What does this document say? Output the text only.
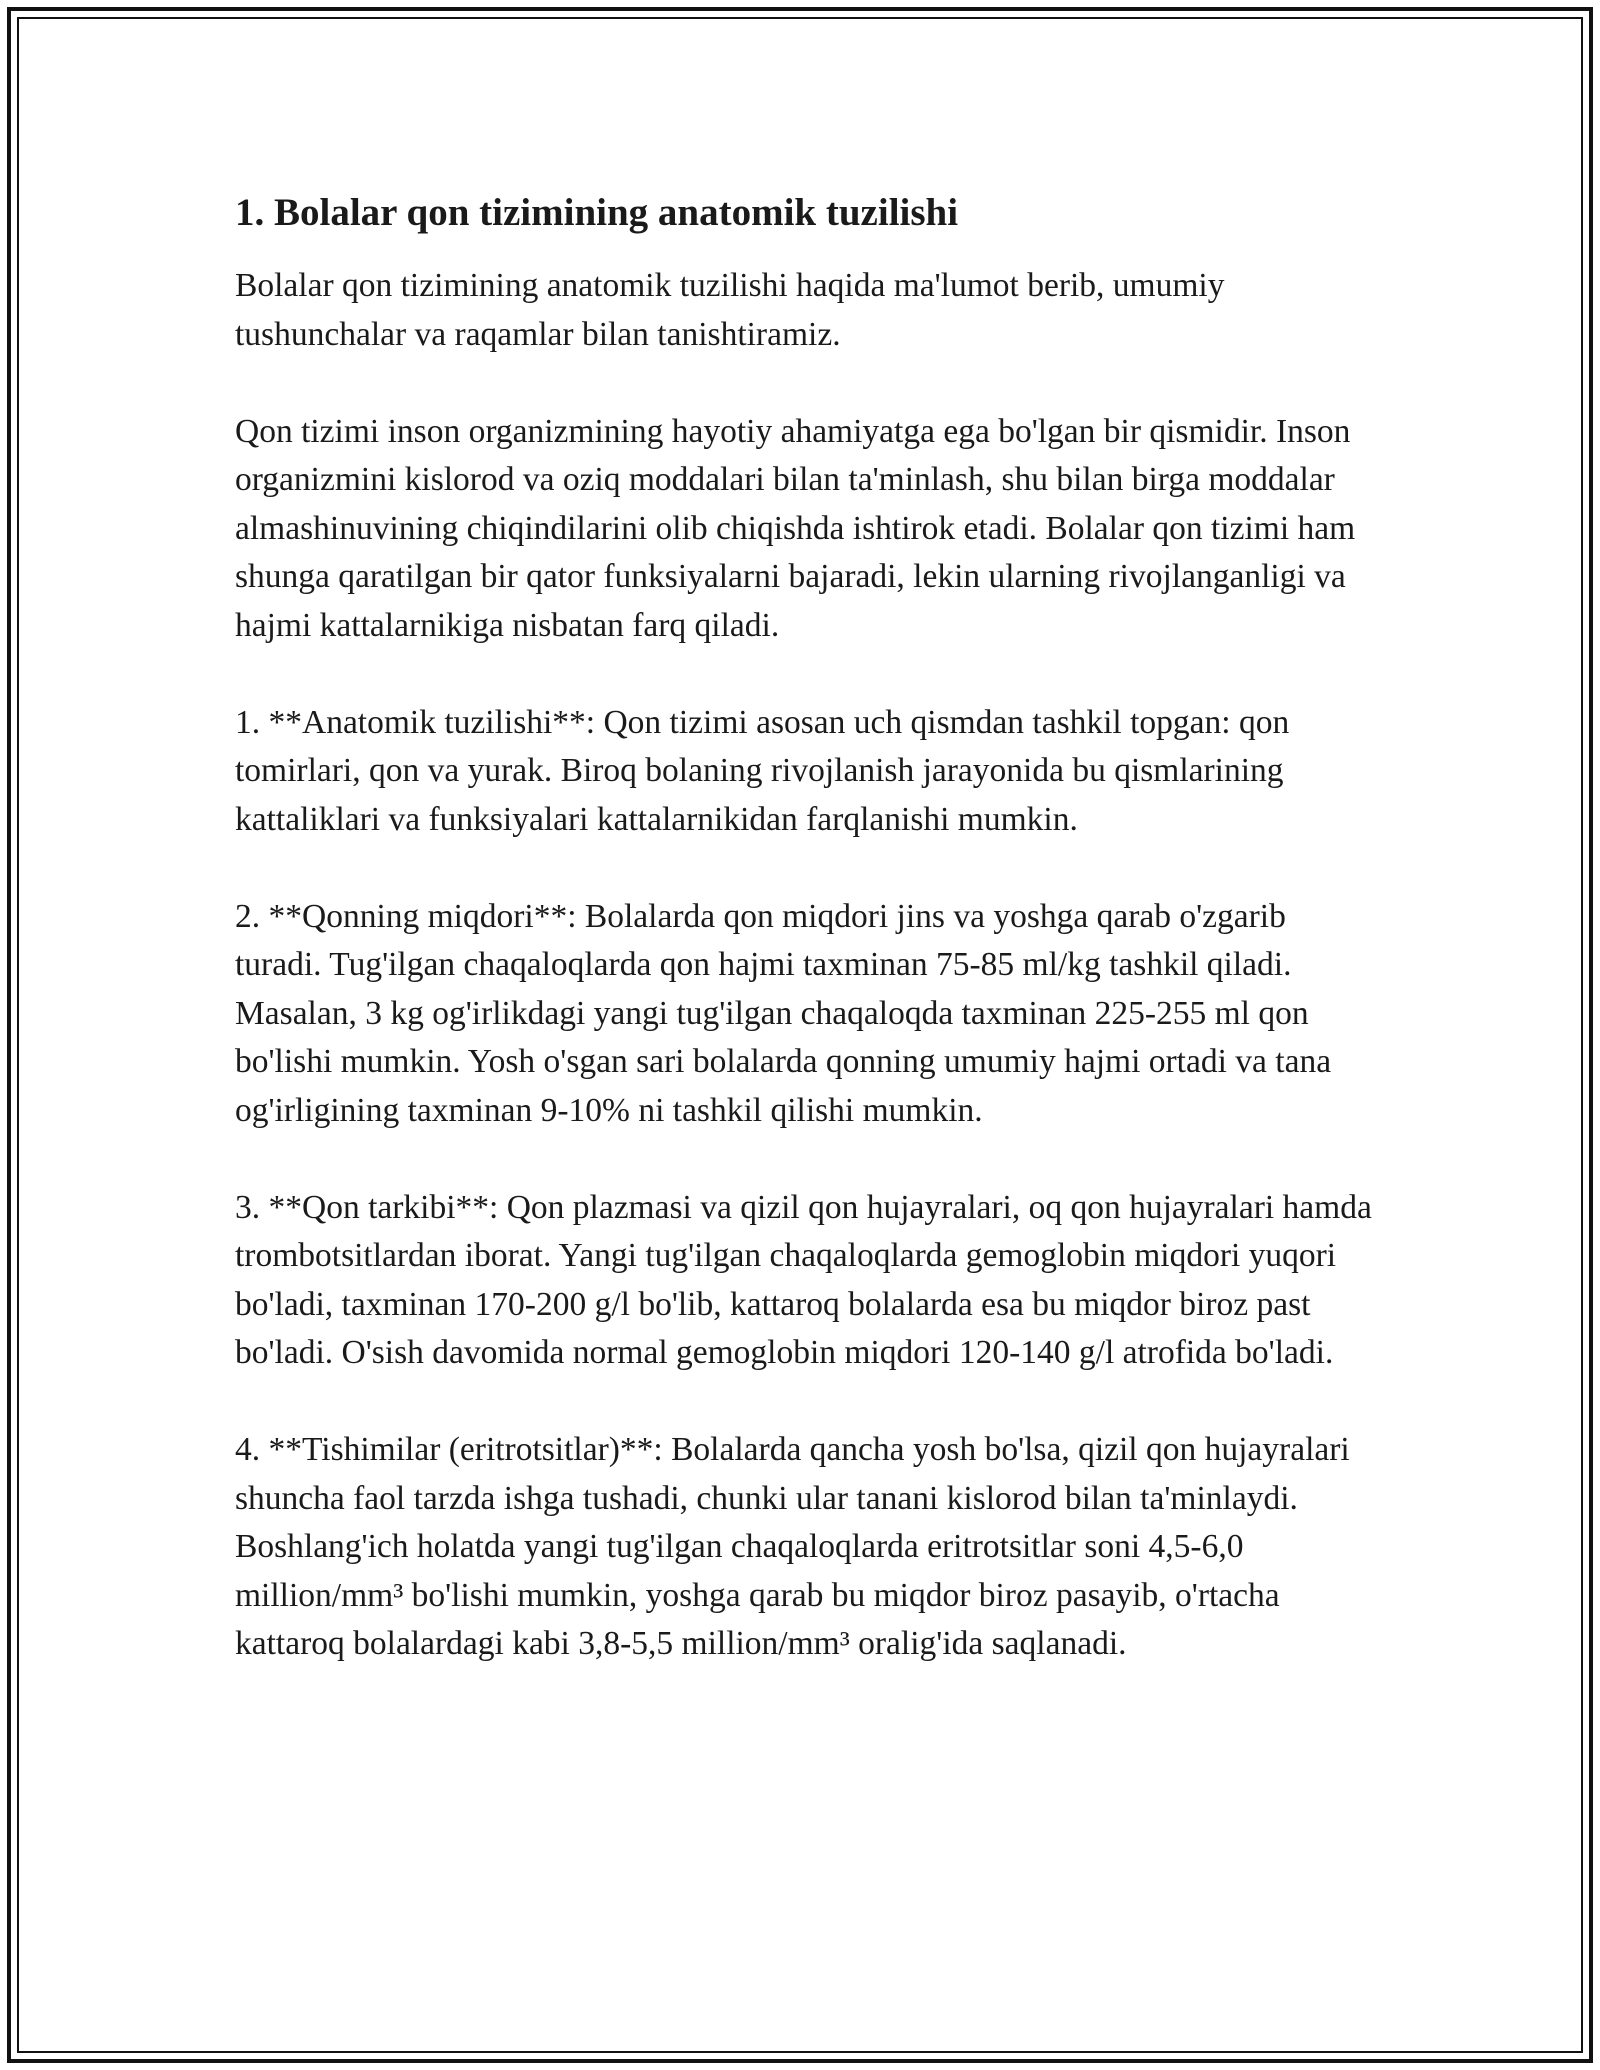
1. Bolalar qon tizimining anatomik tuzilishi

Bolalar qon tizimining anatomik tuzilishi haqida ma'lumot berib, umumiy tushunchalar va raqamlar bilan tanishtiramiz.

Qon tizimi inson organizmining hayotiy ahamiyatga ega bo'lgan bir qismidir. Inson organizmini kislorod va oziq moddalari bilan ta'minlash, shu bilan birga moddalar almashinuvining chiqindilarini olib chiqishda ishtirok etadi. Bolalar qon tizimi ham shunga qaratilgan bir qator funksiyalarni bajaradi, lekin ularning rivojlanganligi va hajmi kattalarnikiga nisbatan farq qiladi.

1. **Anatomik tuzilishi**: Qon tizimi asosan uch qismdan tashkil topgan: qon tomirlari, qon va yurak. Biroq bolaning rivojlanish jarayonida bu qismlarining kattaliklari va funksiyalari kattalarnikidan farqlanishi mumkin.

2. **Qonning miqdori**: Bolalarda qon miqdori jins va yoshga qarab o'zgarib turadi. Tug'ilgan chaqaloqlarda qon hajmi taxminan 75-85 ml/kg tashkil qiladi. Masalan, 3 kg og'irlikdagi yangi tug'ilgan chaqaloqda taxminan 225-255 ml qon bo'lishi mumkin. Yosh o'sgan sari bolalarda qonning umumiy hajmi ortadi va tana og'irligining taxminan 9-10% ni tashkil qilishi mumkin.

3. **Qon tarkibi**: Qon plazmasi va qizil qon hujayralari, oq qon hujayralari hamda trombotsitlardan iborat. Yangi tug'ilgan chaqaloqlarda gemoglobin miqdori yuqori bo'ladi, taxminan 170-200 g/l bo'lib, kattaroq bolalarda esa bu miqdor biroz past bo'ladi. O'sish davomida normal gemoglobin miqdori 120-140 g/l atrofida bo'ladi.

4. **Tishimilar (eritrotsitlar)**: Bolalarda qancha yosh bo'lsa, qizil qon hujayralari shuncha faol tarzda ishga tushadi, chunki ular tanani kislorod bilan ta'minlaydi. Boshlang'ich holatda yangi tug'ilgan chaqaloqlarda eritrotsitlar soni 4,5-6,0 million/mm³ bo'lishi mumkin, yoshga qarab bu miqdor biroz pasayib, o'rtacha kattaroq bolalardagi kabi 3,8-5,5 million/mm³ oralig'ida saqlanadi.
